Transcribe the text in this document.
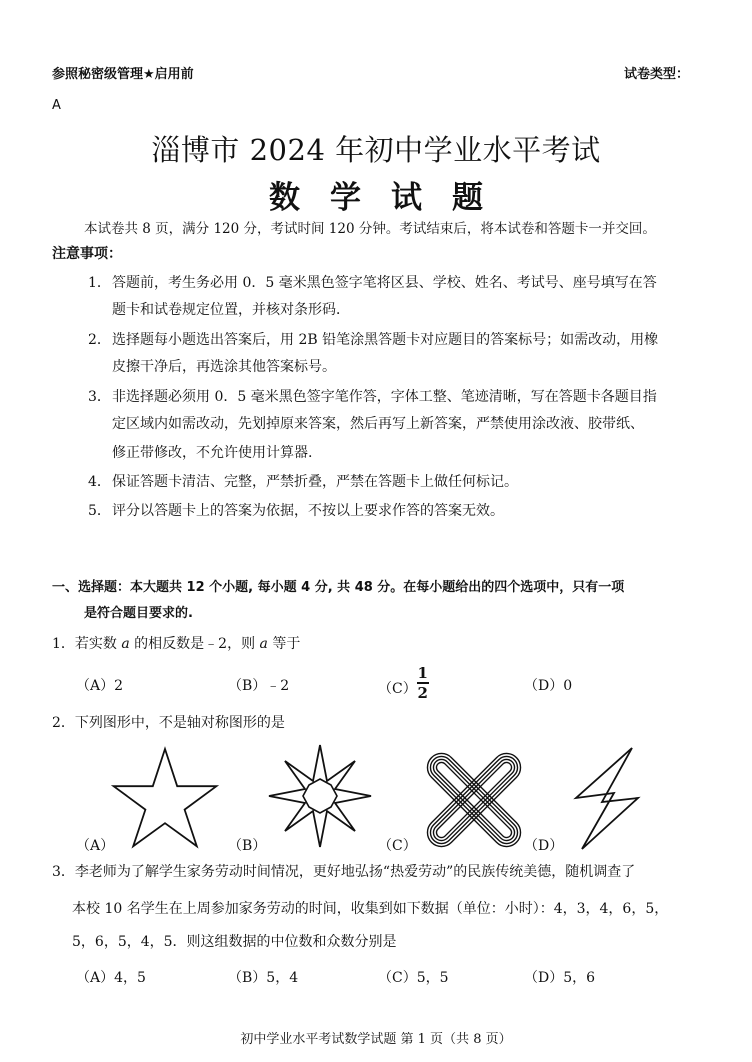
参照秘密级管理★启用前	试卷类型：
A
淄博市 2024 年初中学业水平考试
数学试题
本试卷共 8 页，满分 120 分，考试时间 120 分钟。考试结束后，将本试卷和答题卡一并交回。
注意事项：
1． 答题前，考生务必用 0．5 毫米黑色签字笔将区县、学校、姓名、考试号、座号填写在答
题卡和试卷规定位置，并核对条形码．
2． 选择题每小题选出答案后，用 2B 铅笔涂黑答题卡对应题目的答案标号；如需改动，用橡
皮擦干净后，再选涂其他答案标号。
3． 非选择题必须用 0．5 毫米黑色签字笔作答，字体工整、笔迹清晰，写在答题卡各题目指
定区域内如需改动，先划掉原来答案，然后再写上新答案，严禁使用涂改液、胶带纸、
修正带修改，不允许使用计算器.
4． 保证答题卡清洁、完整，严禁折叠，严禁在答题卡上做任何标记。
5． 评分以答题卡上的答案为依据，不按以上要求作答的答案无效。
一、选择题：本大题共 12 个小题, 每小题 4 分, 共 48 分。在每小题给出的四个选项中，只有一项
是符合题目要求的.
1．若实数 a 的相反数是﹣2，则 a 等于
（A）2	（B）﹣2	$(C) \frac{1}{2}$	（D）0
2．下列图形中，不是轴对称图形的是
（A）	（B）	（C）	（D）
3．李老师为了解学生家务劳动时间情况，更好地弘扬“热爱劳动”的民族传统美德，随机调查了
本校 10 名学生在上周参加家务劳动的时间，收集到如下数据（单位：小时）：4，3，4，6，5，
5，6，5，4，5．则这组数据的中位数和众数分别是
（A）4，5	（B）5，4	（C）5，5	（D）5，6
初中学业水平考试数学试题 第 1 页（共 8 页）
